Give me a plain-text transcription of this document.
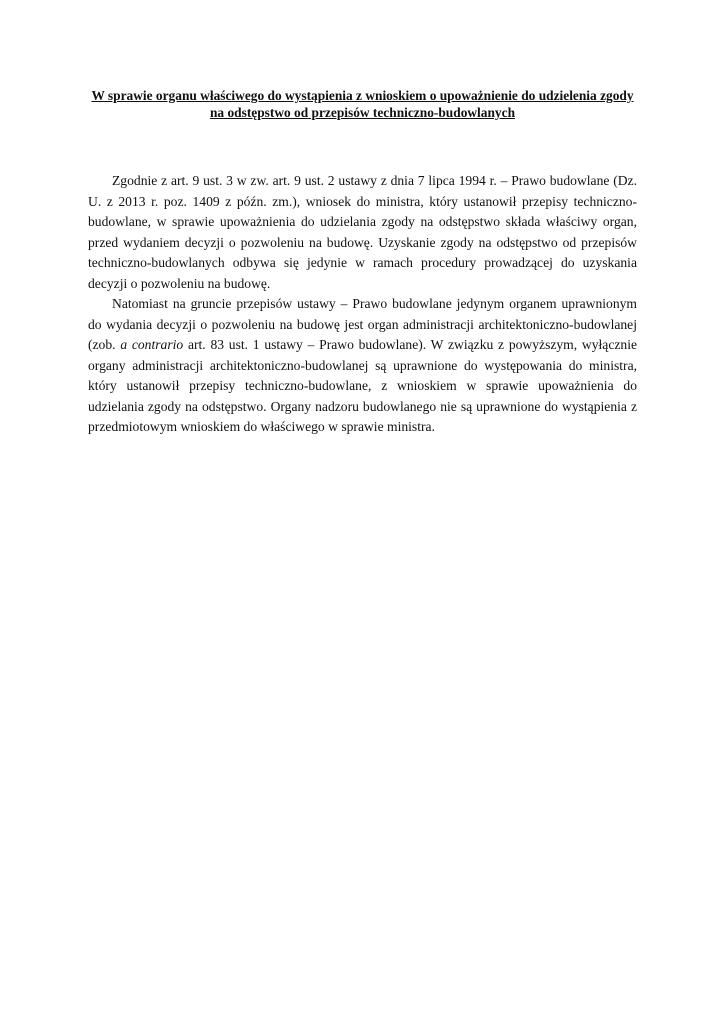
W sprawie organu właściwego do wystąpienia z wnioskiem o upoważnienie do udzielenia zgody na odstępstwo od przepisów techniczno-budowlanych

Zgodnie z art. 9 ust. 3 w zw. art. 9 ust. 2 ustawy z dnia 7 lipca 1994 r. – Prawo budowlane (Dz. U. z 2013 r. poz. 1409 z późn. zm.), wniosek do ministra, który ustanowił przepisy techniczno-budowlane, w sprawie upoważnienia do udzielania zgody na odstępstwo składa właściwy organ, przed wydaniem decyzji o pozwoleniu na budowę. Uzyskanie zgody na odstępstwo od przepisów techniczno-budowlanych odbywa się jedynie w ramach procedury prowadzącej do uzyskania decyzji o pozwoleniu na budowę.

Natomiast na gruncie przepisów ustawy – Prawo budowlane jedynym organem uprawnionym do wydania decyzji o pozwoleniu na budowę jest organ administracji architektoniczno-budowlanej (zob. a contrario art. 83 ust. 1 ustawy – Prawo budowlane). W związku z powyższym, wyłącznie organy administracji architektoniczno-budowlanej są uprawnione do występowania do ministra, który ustanowił przepisy techniczno-budowlane, z wnioskiem w sprawie upoważnienia do udzielania zgody na odstępstwo. Organy nadzoru budowlanego nie są uprawnione do wystąpienia z przedmiotowym wnioskiem do właściwego w sprawie ministra.
